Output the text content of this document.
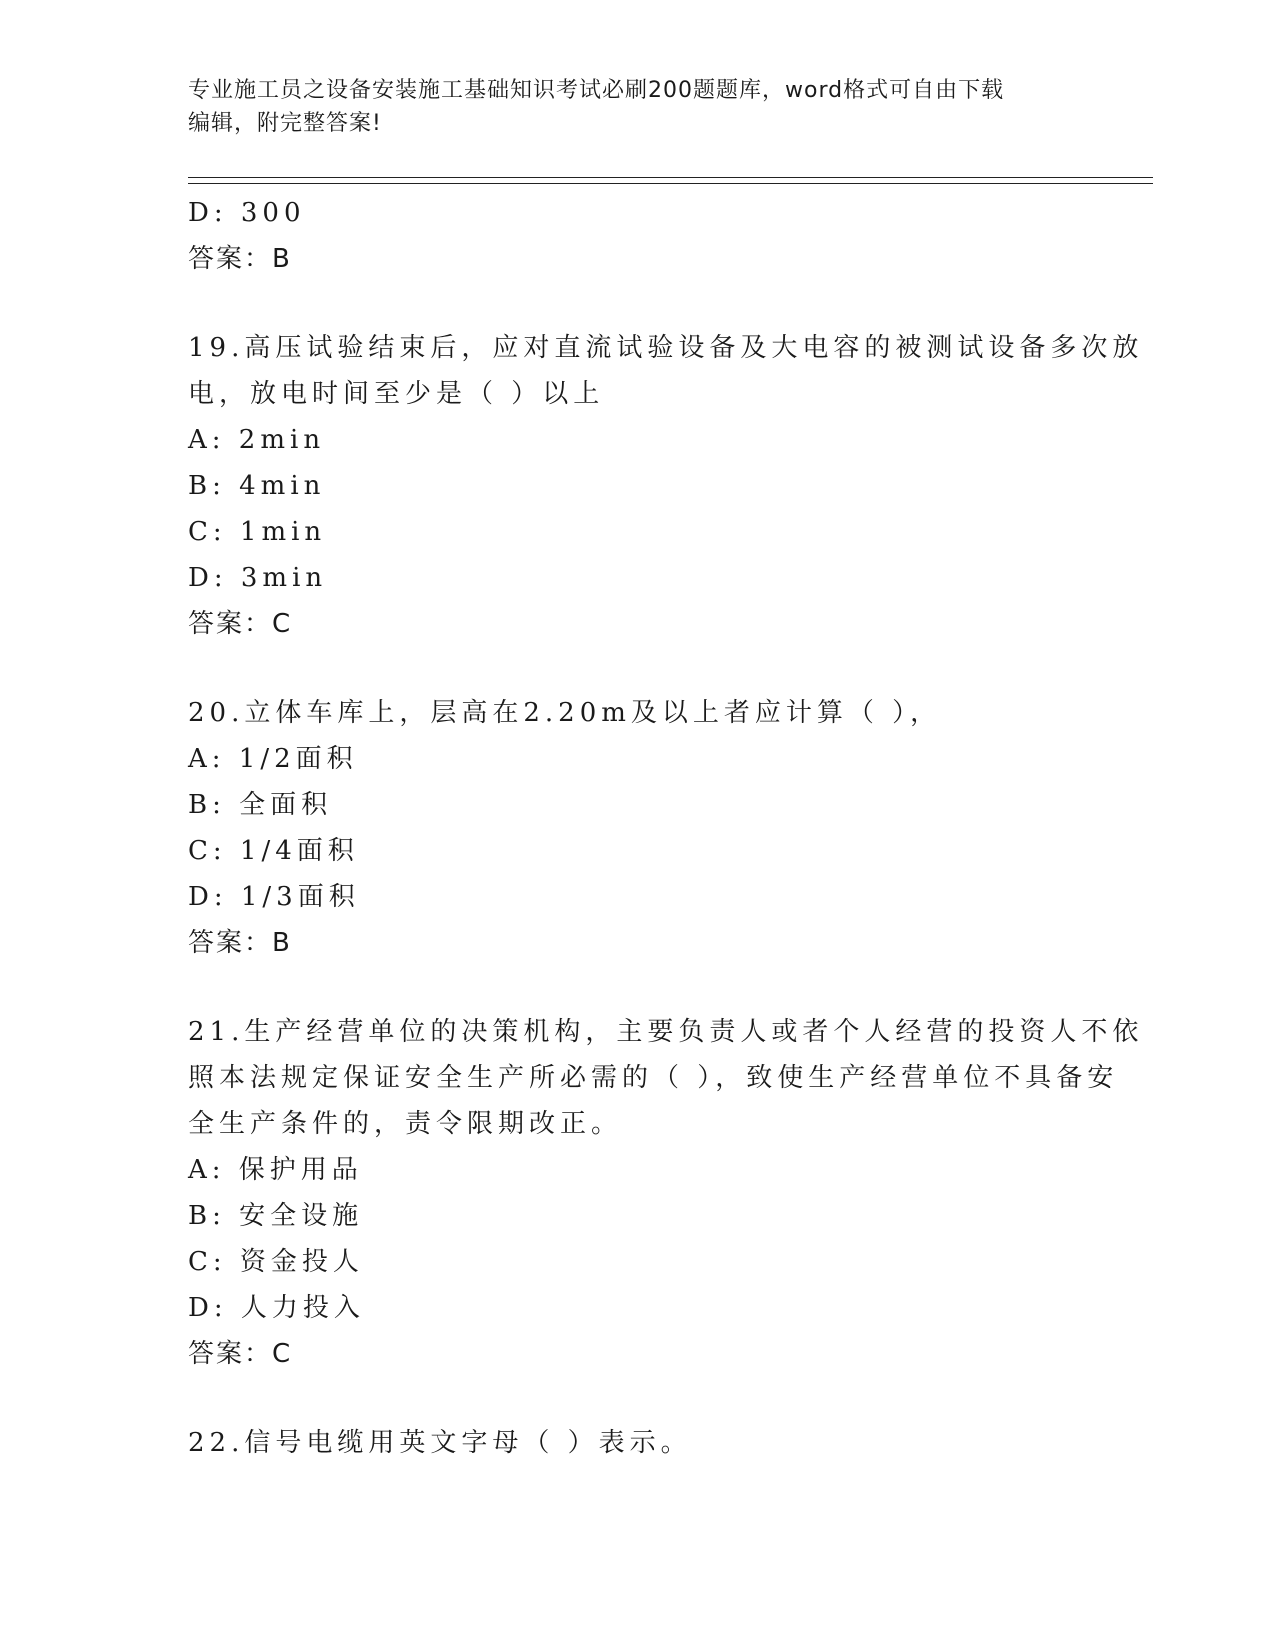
专业施工员之设备安装施工基础知识考试必刷200题题库，word格式可自由下载
编辑，附完整答案!
D: 300
答案：B
19.高压试验结束后，应对直流试验设备及大电容的被测试设备多次放
电，放电时间至少是（ ）以上
A: 2min
B: 4min
C: 1min
D: 3min
答案：C
20.立体车库上，层高在2.20m及以上者应计算（ ），
A: 1/2面积
B: 全面积
C: 1/4面积
D: 1/3面积
答案：B
21.生产经营单位的决策机构，主要负责人或者个人经营的投资人不依
照本法规定保证安全生产所必需的（ ），致使生产经营单位不具备安
全生产条件的，责令限期改正。
A: 保护用品
B: 安全设施
C: 资金投人
D: 人力投入
答案：C
22.信号电缆用英文字母（ ）表示。
